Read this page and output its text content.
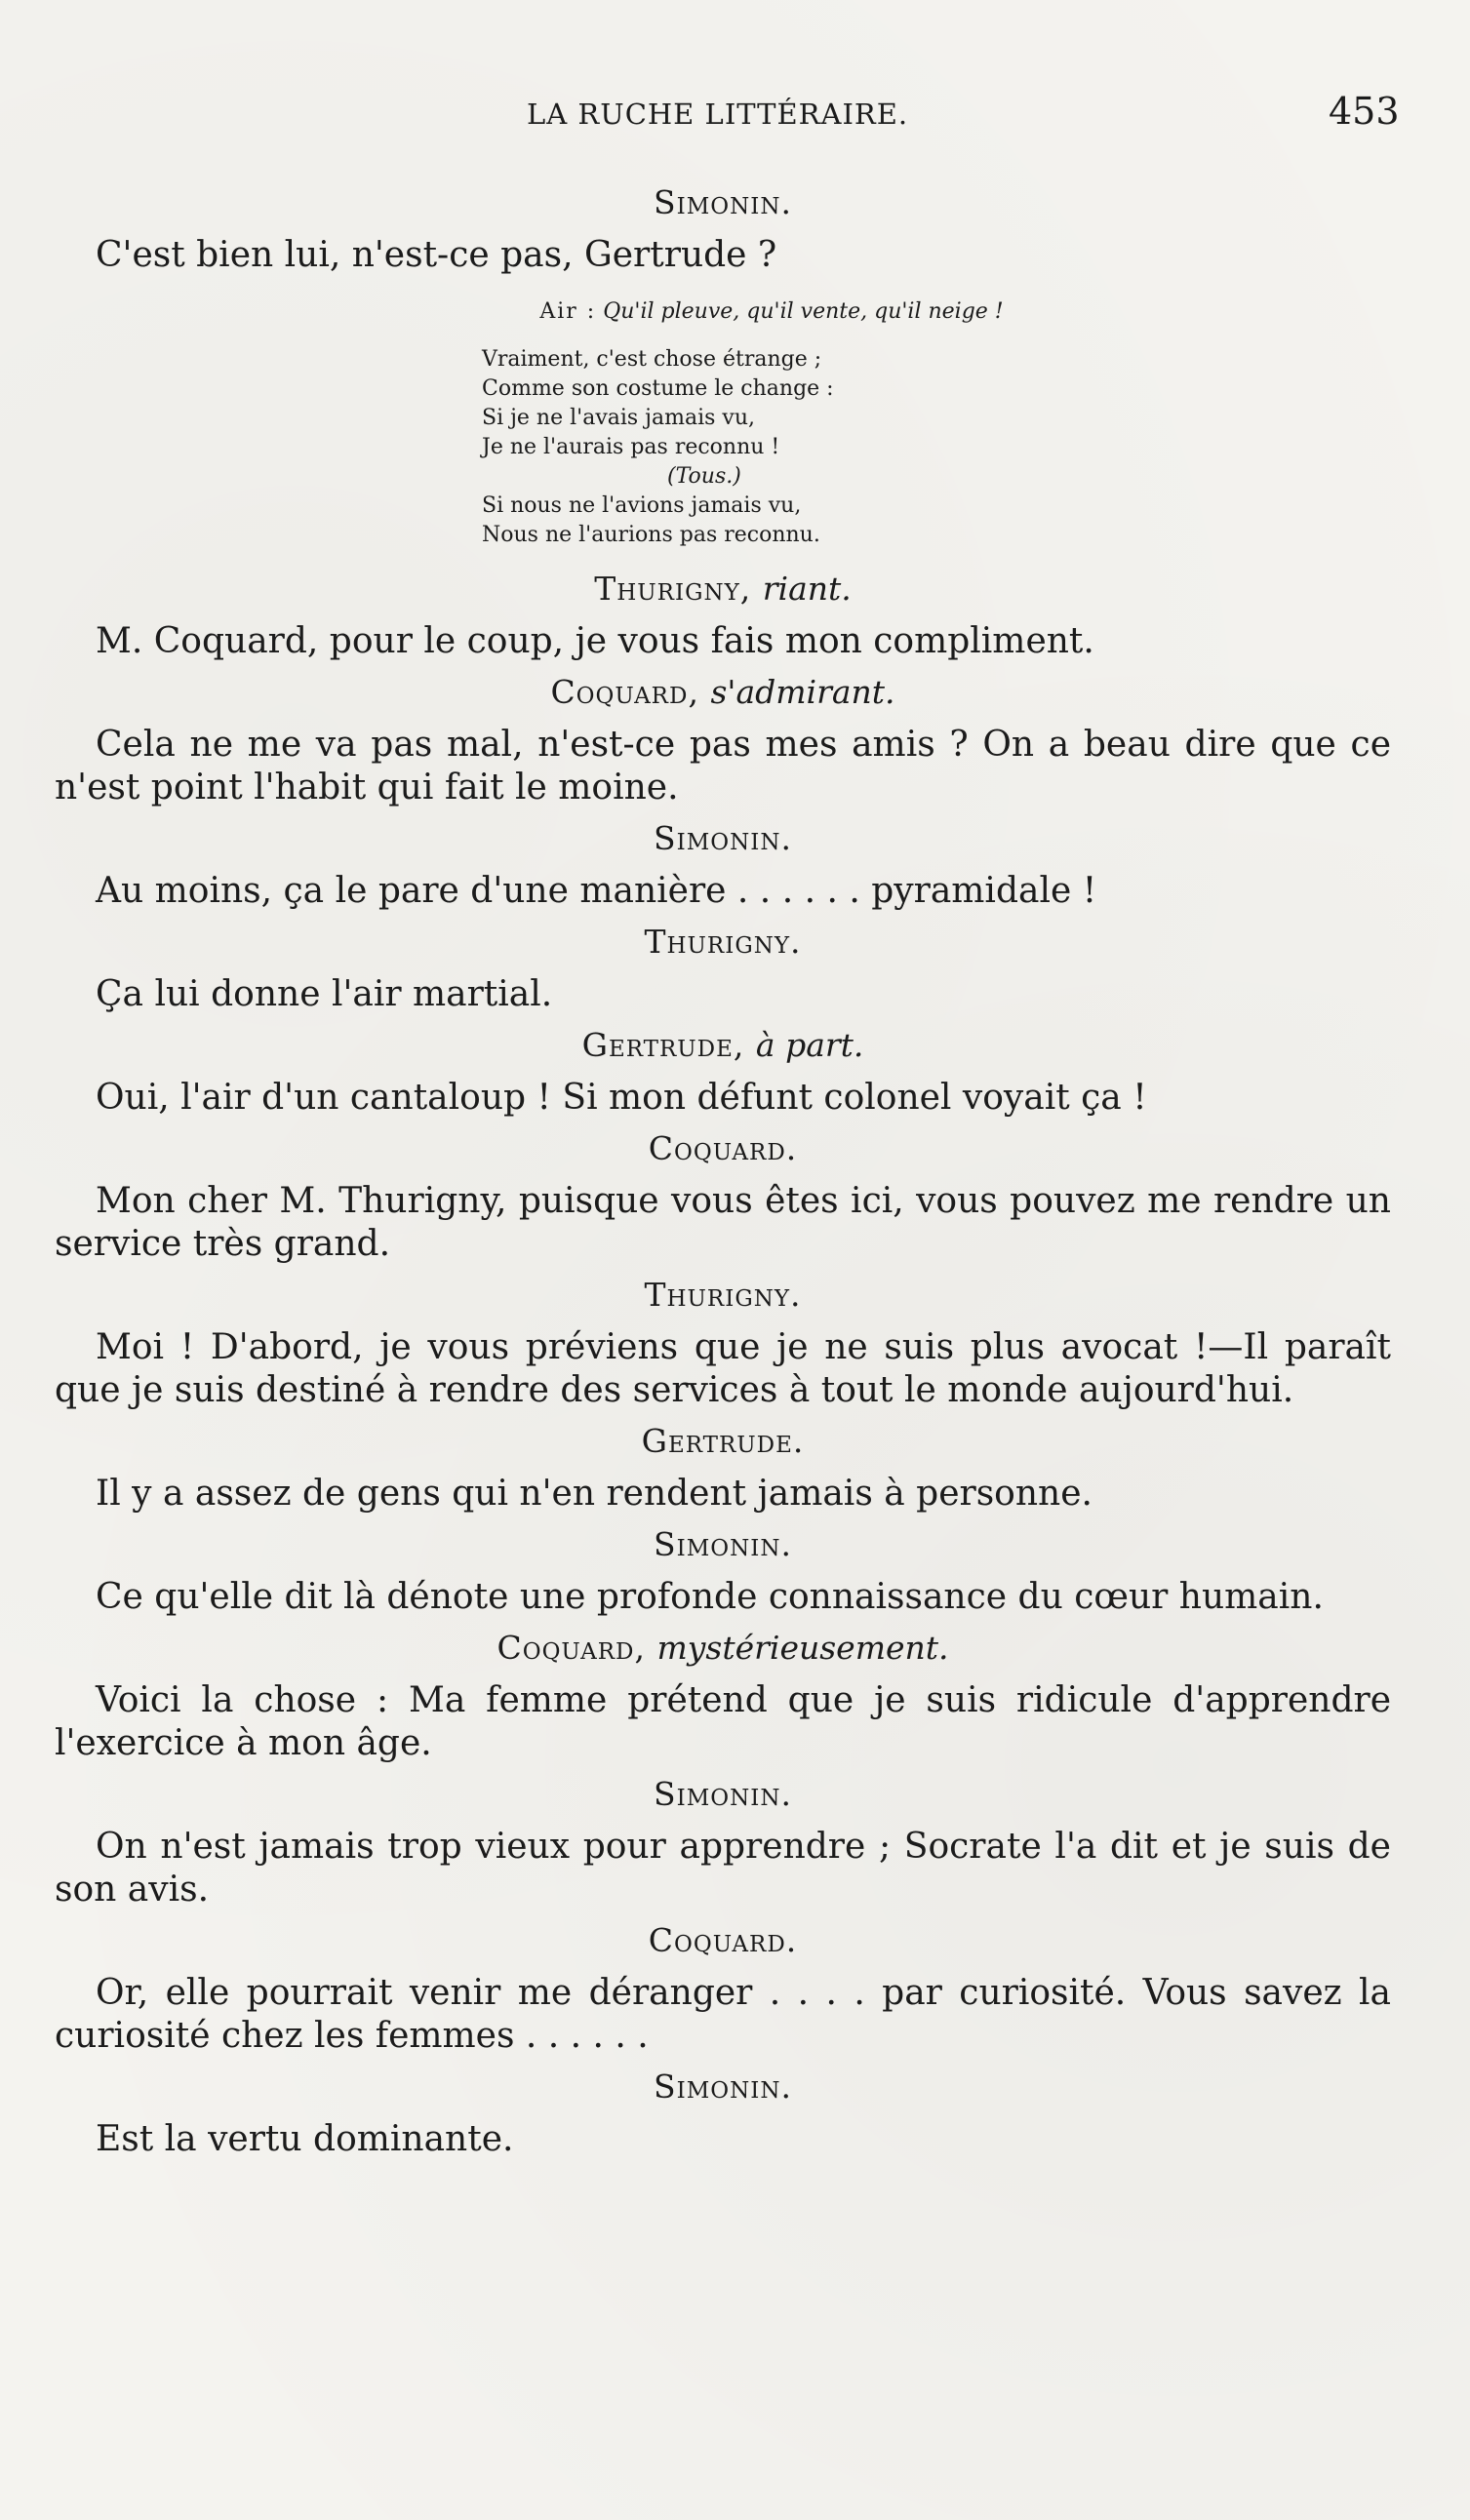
LA RUCHE LITTÉRAIRE.	453
Simonin.

C'est bien lui, n'est-ce pas, Gertrude ?

Air : Qu'il pleuve, qu'il vente, qu'il neige !
Vraiment, c'est chose étrange ;
Comme son costume le change :
Si je ne l'avais jamais vu,
Je ne l'aurais pas reconnu !
(Tous.)
Si nous ne l'avions jamais vu,
Nous ne l'aurions pas reconnu.
Thurigny, riant.

M. Coquard, pour le coup, je vous fais mon compliment.

Coquard, s'admirant.

Cela ne me va pas mal, n'est-ce pas mes amis ? On a beau dire que ce n'est point l'habit qui fait le moine.

Simonin.

Au moins, ça le pare d'une manière . . . . . . pyramidale !

Thurigny.

Ça lui donne l'air martial.

Gertrude, à part.

Oui, l'air d'un cantaloup ! Si mon défunt colonel voyait ça !

Coquard.

Mon cher M. Thurigny, puisque vous êtes ici, vous pouvez me rendre un service très grand.

Thurigny.

Moi ! D'abord, je vous préviens que je ne suis plus avocat !—Il paraît que je suis destiné à rendre des services à tout le monde aujourd'hui.

Gertrude.

Il y a assez de gens qui n'en rendent jamais à personne.

Simonin.

Ce qu'elle dit là dénote une profonde connaissance du cœur humain.

Coquard, mystérieusement.

Voici la chose : Ma femme prétend que je suis ridicule d'apprendre l'exercice à mon âge.

Simonin.

On n'est jamais trop vieux pour apprendre ; Socrate l'a dit et je suis de son avis.

Coquard.

Or, elle pourrait venir me déranger . . . . par curiosité. Vous savez la curiosité chez les femmes . . . . . .

Simonin.

Est la vertu dominante.
